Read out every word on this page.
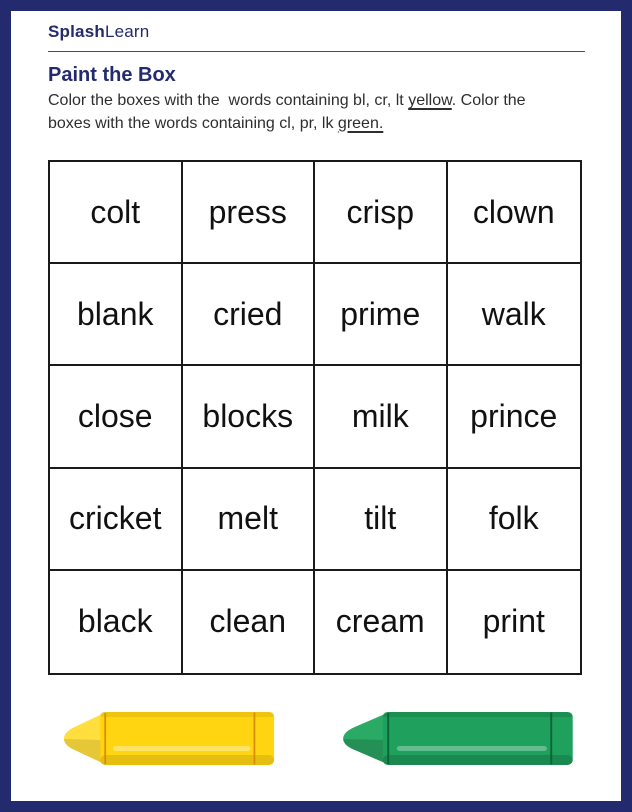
SplashLearn
Paint the Box
Color the boxes with the  words containing bl, cr, lt yellow. Color the boxes with the words containing cl, pr, lk green.
colt press crisp clown
blank cried prime walk
close blocks milk prince
cricket melt	tilt	folk
black clean cream print
